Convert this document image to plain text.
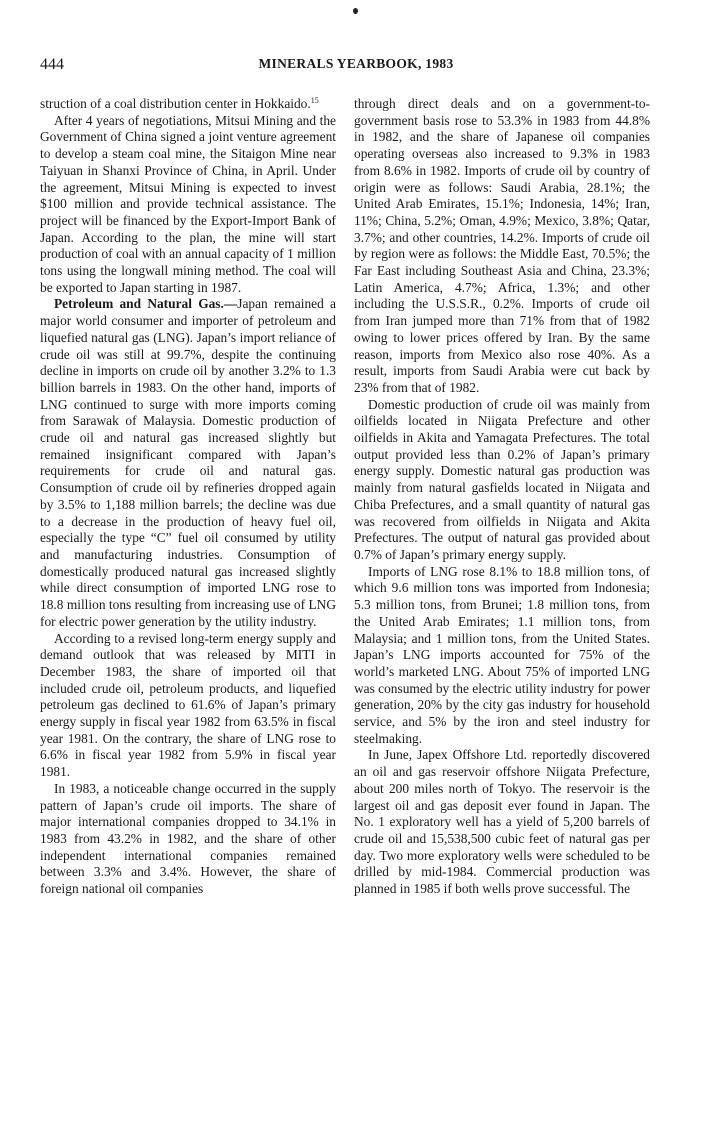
444	MINERALS YEARBOOK, 1983

struction of a coal distribution center in Hokkaido.$^{15}$

After 4 years of negotiations, Mitsui Mining and the Government of China signed a joint venture agreement to develop a steam coal mine, the Sitaigon Mine near Taiyuan in Shanxi Province of China, in April. Under the agreement, Mitsui Mining is expected to invest $100 million and provide technical assistance. The project will be financed by the Export-Import Bank of Japan. According to the plan, the mine will start production of coal with an annual capacity of 1 million tons using the longwall mining method. The coal will be exported to Japan starting in 1987.

Petroleum and Natural Gas.—Japan remained a major world consumer and importer of petroleum and liquefied natural gas (LNG). Japan’s import reliance of crude oil was still at 99.7%, despite the continuing decline in imports on crude oil by another 3.2% to 1.3 billion barrels in 1983. On the other hand, imports of LNG continued to surge with more imports coming from Sarawak of Malaysia. Domestic production of crude oil and natural gas increased slightly but remained insignificant compared with Japan’s requirements for crude oil and natural gas. Consumption of crude oil by refineries dropped again by 3.5% to 1,188 million barrels; the decline was due to a decrease in the production of heavy fuel oil, especially the type “C” fuel oil consumed by utility and manufacturing industries. Consumption of domestically produced natural gas increased slightly while direct consumption of imported LNG rose to 18.8 million tons resulting from increasing use of LNG for electric power generation by the utility industry.

According to a revised long-term energy supply and demand outlook that was released by MITI in December 1983, the share of imported oil that included crude oil, petroleum products, and liquefied petroleum gas declined to 61.6% of Japan’s primary energy supply in fiscal year 1982 from 63.5% in fiscal year 1981. On the contrary, the share of LNG rose to 6.6% in fiscal year 1982 from 5.9% in fiscal year 1981.

In 1983, a noticeable change occurred in the supply pattern of Japan’s crude oil imports. The share of major international companies dropped to 34.1% in 1983 from 43.2% in 1982, and the share of other independent international companies remained between 3.3% and 3.4%. However, the share of foreign national oil companies

through direct deals and on a government-to-government basis rose to 53.3% in 1983 from 44.8% in 1982, and the share of Japanese oil companies operating overseas also increased to 9.3% in 1983 from 8.6% in 1982. Imports of crude oil by country of origin were as follows: Saudi Arabia, 28.1%; the United Arab Emirates, 15.1%; Indonesia, 14%; Iran, 11%; China, 5.2%; Oman, 4.9%; Mexico, 3.8%; Qatar, 3.7%; and other countries, 14.2%. Imports of crude oil by region were as follows: the Middle East, 70.5%; the Far East including Southeast Asia and China, 23.3%; Latin America, 4.7%; Africa, 1.3%; and other including the U.S.S.R., 0.2%. Imports of crude oil from Iran jumped more than 71% from that of 1982 owing to lower prices offered by Iran. By the same reason, imports from Mexico also rose 40%. As a result, imports from Saudi Arabia were cut back by 23% from that of 1982.

Domestic production of crude oil was mainly from oilfields located in Niigata Prefecture and other oilfields in Akita and Yamagata Prefectures. The total output provided less than 0.2% of Japan’s primary energy supply. Domestic natural gas production was mainly from natural gasfields located in Niigata and Chiba Prefectures, and a small quantity of natural gas was recovered from oilfields in Niigata and Akita Prefectures. The output of natural gas provided about 0.7% of Japan’s primary energy supply.

Imports of LNG rose 8.1% to 18.8 million tons, of which 9.6 million tons was imported from Indonesia; 5.3 million tons, from Brunei; 1.8 million tons, from the United Arab Emirates; 1.1 million tons, from Malaysia; and 1 million tons, from the United States. Japan’s LNG imports accounted for 75% of the world’s marketed LNG. About 75% of imported LNG was consumed by the electric utility industry for power generation, 20% by the city gas industry for household service, and 5% by the iron and steel industry for steelmaking.

In June, Japex Offshore Ltd. reportedly discovered an oil and gas reservoir offshore Niigata Prefecture, about 200 miles north of Tokyo. The reservoir is the largest oil and gas deposit ever found in Japan. The No. 1 exploratory well has a yield of 5,200 barrels of crude oil and 15,538,500 cubic feet of natural gas per day. Two more exploratory wells were scheduled to be drilled by mid-1984. Commercial production was planned in 1985 if both wells prove successful. The
